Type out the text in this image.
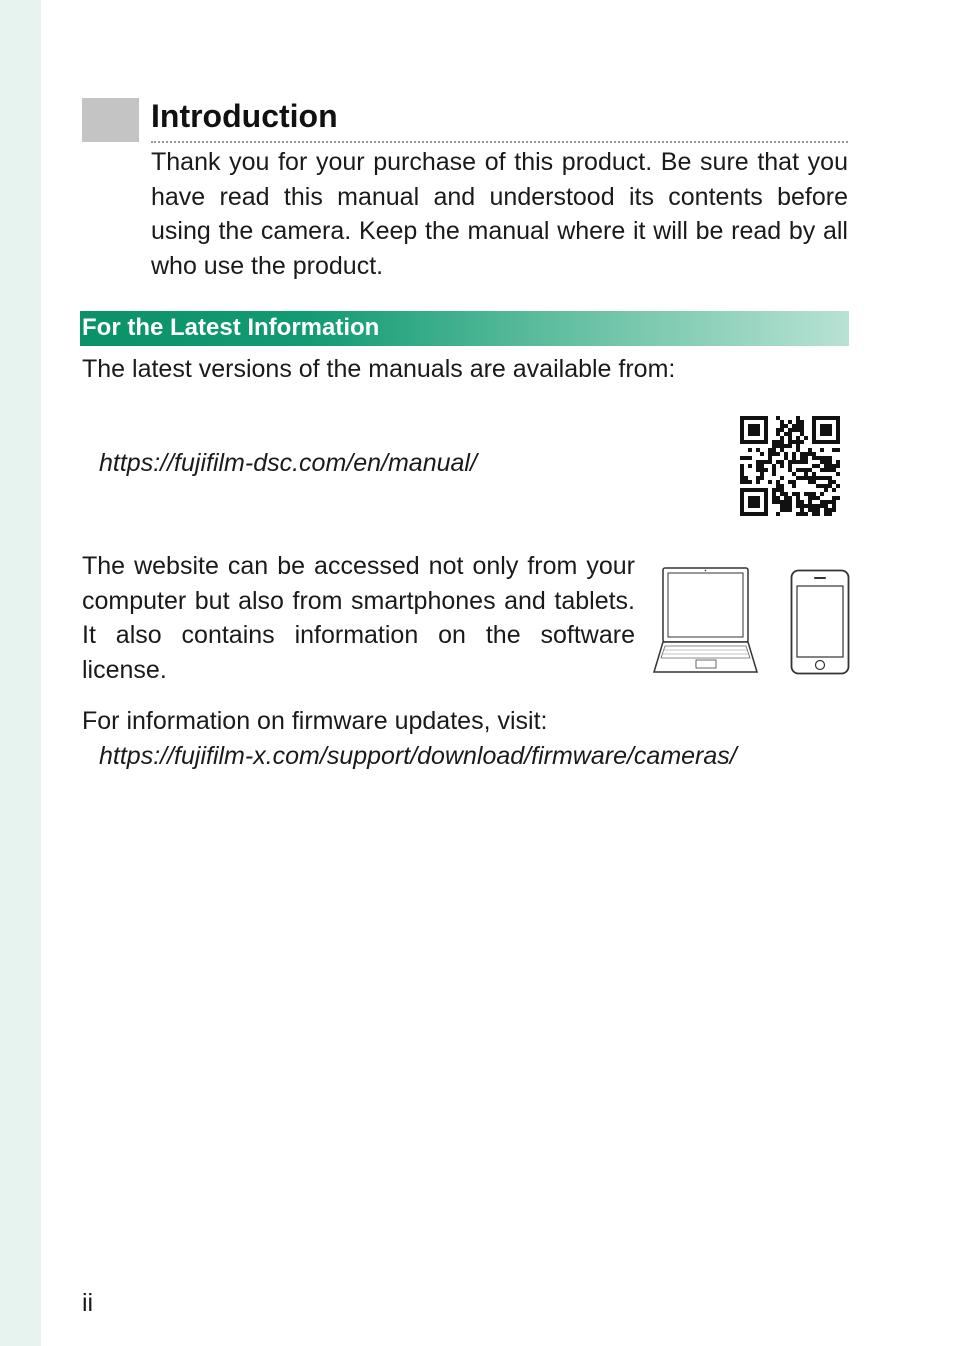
Introduction

Thank you for your purchase of this product. Be sure that you have read this manual and understood its contents before using the camera. Keep the manual where it will be read by all who use the product.

For the Latest Information

The latest versions of the manuals are available from:

https://fujifilm-dsc.com/en/manual/

The website can be accessed not only from your computer but also from smartphones and tablets. It also contains information on the software license.

For information on firmware updates, visit:

https://fujifilm-x.com/support/download/firmware/cameras/

ii
